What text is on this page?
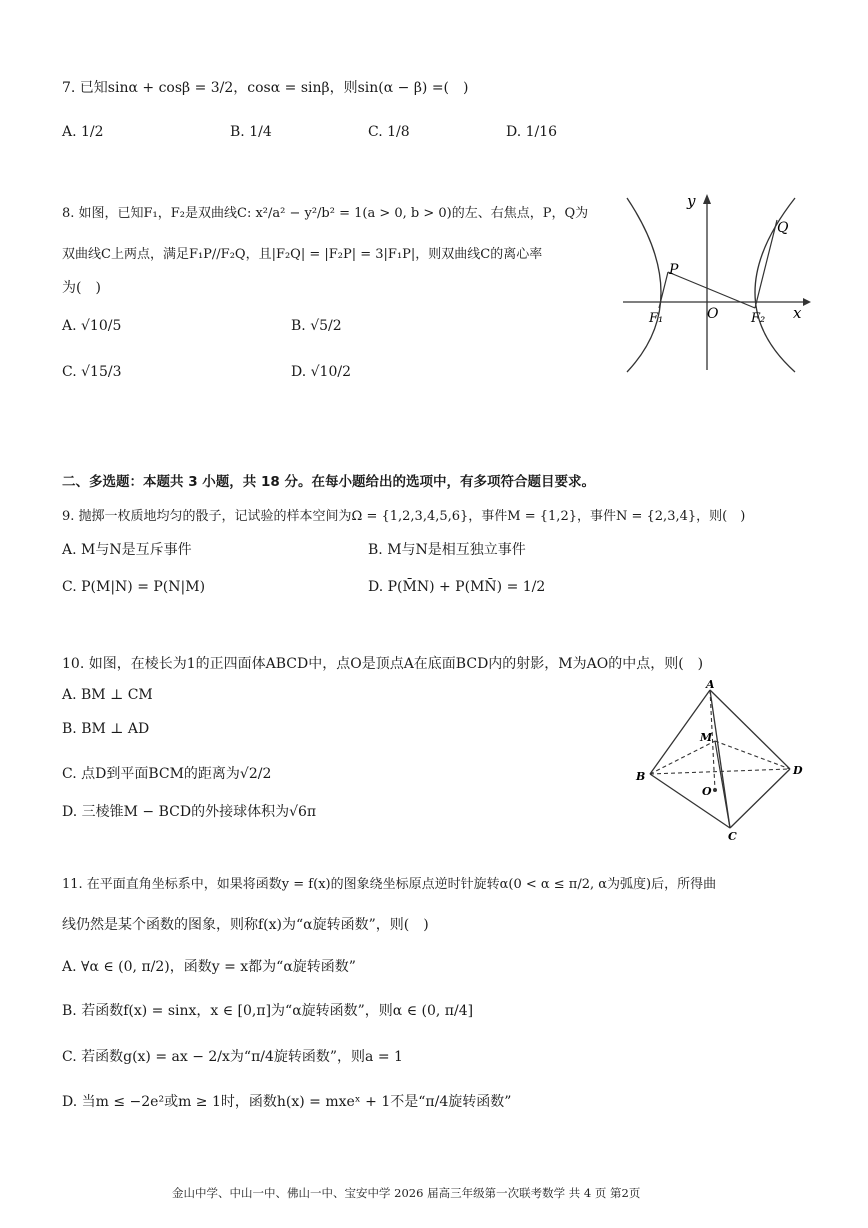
7. 已知sinα + cosβ = 3/2，cosα = sinβ，则sin(α − β) =(　)
A. 1/2	B. 1/4	C. 1/8	D. 1/16
8. 如图，已知F₁，F₂是双曲线C: x²/a² − y²/b² = 1(a > 0, b > 0)的左、右焦点，P，Q为
双曲线C上两点，满足F₁P//F₂Q，且|F₂Q| = |F₂P| = 3|F₁P|，则双曲线C的离心率
为(　)
A. √10/5	B. √5/2
C. √15/3	D. √10/2
y
x
O
P
Q
F₁	F₂
二、多选题：本题共 3 小题，共 18 分。在每小题给出的选项中，有多项符合题目要求。
9. 抛掷一枚质地均匀的骰子，记试验的样本空间为Ω = {1,2,3,4,5,6}，事件M = {1,2}，事件N = {2,3,4}，则(　)
A. M与N是互斥事件	B. M与N是相互独立事件
C. P(M|N) = P(N|M)	D. P(M̄N) + P(MN̄) = 1/2
10. 如图，在棱长为1的正四面体ABCD中，点O是顶点A在底面BCD内的射影，M为AO的中点，则(　)
A. BM ⊥ CM
B. BM ⊥ AD
C. 点D到平面BCM的距离为√2/2
D. 三棱锥M − BCD的外接球体积为√6π
A
B
C
D
M
O
11. 在平面直角坐标系中，如果将函数y = f(x)的图象绕坐标原点逆时针旋转α(0 < α ≤ π/2, α为弧度)后，所得曲
线仍然是某个函数的图象，则称f(x)为“α旋转函数”，则(　)
A. ∀α ∈ (0, π/2)，函数y = x都为“α旋转函数”
B. 若函数f(x) = sinx，x ∈ [0,π]为“α旋转函数”，则α ∈ (0, π/4]
C. 若函数g(x) = ax − 2/x为“π/4旋转函数”，则a = 1
D. 当m ≤ −2e²或m ≥ 1时，函数h(x) = mxeˣ + 1不是“π/4旋转函数”
金山中学、中山一中、佛山一中、宝安中学 2026 届高三年级第一次联考数学 共 4 页 第2页
